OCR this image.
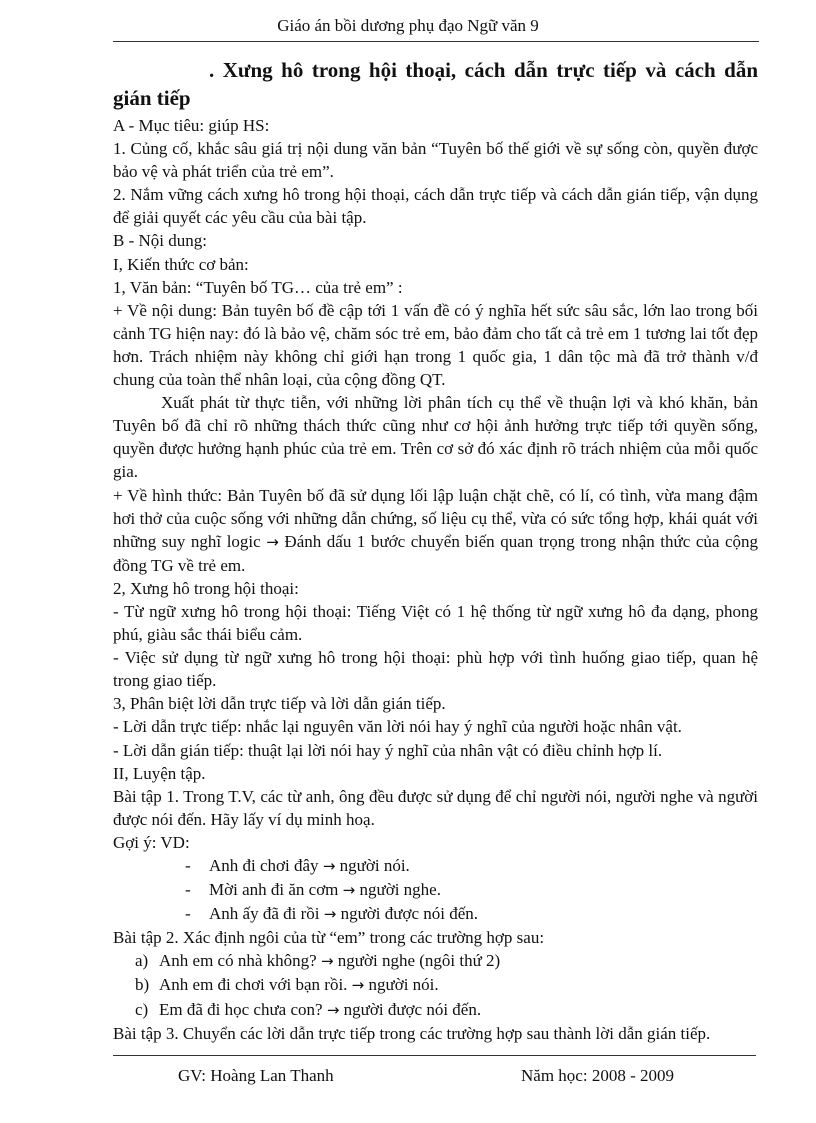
Giáo án bồi dương phụ đạo Ngữ văn 9
. Xưng hô trong hội thoại, cách dẫn trực tiếp và cách dẫn gián tiếp

A - Mục tiêu: giúp HS:

1. Củng cố, khắc sâu giá trị nội dung văn bản “Tuyên bố thế giới về sự sống còn, quyền được bảo vệ và phát triển của trẻ em”.

2. Nắm vững cách xưng hô trong hội thoại, cách dẫn trực tiếp và cách dẫn gián tiếp, vận dụng để giải quyết các yêu cầu của bài tập.

B - Nội dung:

I, Kiến thức cơ bản:

1, Văn bản: “Tuyên bố TG… của trẻ em” :

+ Về nội dung: Bản tuyên bố đề cập tới 1 vấn đề có ý nghĩa hết sức sâu sắc, lớn lao trong bối cảnh TG hiện nay: đó là bảo vệ, chăm sóc trẻ em, bảo đảm cho tất cả trẻ em 1 tương lai tốt đẹp hơn. Trách nhiệm này không chỉ giới hạn trong 1 quốc gia, 1 dân tộc mà đã trở thành v/đ chung của toàn thể nhân loại, của cộng đồng QT.

Xuất phát từ thực tiễn, với những lời phân tích cụ thể về thuận lợi và khó khăn, bản Tuyên bố đã chỉ rõ những thách thức cũng như cơ hội ảnh hưởng trực tiếp tới quyền sống, quyền được hưởng hạnh phúc của trẻ em. Trên cơ sở đó xác định rõ trách nhiệm của mỗi quốc gia.

+ Về hình thức: Bản Tuyên bố đã sử dụng lối lập luận chặt chẽ, có lí, có tình, vừa mang đậm hơi thở của cuộc sống với những dẫn chứng, số liệu cụ thể, vừa có sức tổng hợp, khái quát với những suy nghĩ logic → Đánh dấu 1 bước chuyển biến quan trọng trong nhận thức của cộng đồng TG về trẻ em.

2, Xưng hô trong hội thoại:

- Từ ngữ xưng hô trong hội thoại: Tiếng Việt có 1 hệ thống từ ngữ xưng hô đa dạng, phong phú, giàu sắc thái biểu cảm.

- Việc sử dụng từ ngữ xưng hô trong hội thoại: phù hợp với tình huống giao tiếp, quan hệ trong giao tiếp.

3, Phân biệt lời dẫn trực tiếp và lời dẫn gián tiếp.

- Lời dẫn trực tiếp: nhắc lại nguyên văn lời nói hay ý nghĩ của người hoặc nhân vật.

- Lời dẫn gián tiếp: thuật lại lời nói hay ý nghĩ của nhân vật có điều chỉnh hợp lí.

II, Luyện tập.

Bài tập 1. Trong T.V, các từ anh, ông đều được sử dụng để chỉ người nói, người nghe và người được nói đến. Hãy lấy ví dụ minh hoạ.

Gợi ý: VD:

- Anh đi chơi đây → người nói.
- Mời anh đi ăn cơm → người nghe.
- Anh ấy đã đi rồi → người được nói đến.

Bài tập 2. Xác định ngôi của từ “em” trong các trường hợp sau:

a) Anh em có nhà không? → người nghe (ngôi thứ 2)
b) Anh em đi chơi với bạn rồi. → người nói.
c) Em đã đi học chưa con? → người được nói đến.

Bài tập 3. Chuyển các lời dẫn trực tiếp trong các trường hợp sau thành lời dẫn gián tiếp.

GV: Hoàng Lan Thanh	Năm học: 2008 - 2009
